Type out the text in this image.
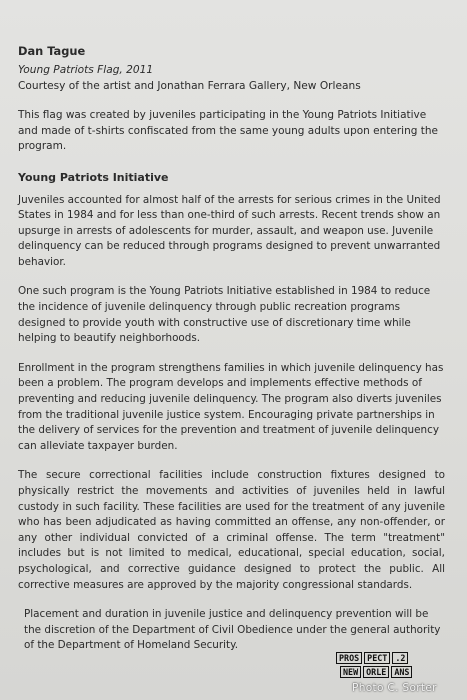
Dan Tague
Young Patriots Flag, 2011
Courtesy of the artist and Jonathan Ferrara Gallery, New Orleans
This flag was created by juveniles participating in the Young Patriots Initiative and made of t-shirts confiscated from the same young adults upon entering the program.
Young Patriots Initiative
Juveniles accounted for almost half of the arrests for serious crimes in the United States in 1984 and for less than one-third of such arrests. Recent trends show an upsurge in arrests of adolescents for murder, assault, and weapon use. Juvenile delinquency can be reduced through programs designed to prevent unwarranted behavior.
One such program is the Young Patriots Initiative established in 1984 to reduce the incidence of juvenile delinquency through public recreation programs designed to provide youth with constructive use of discretionary time while helping to beautify neighborhoods.
Enrollment in the program strengthens families in which juvenile delinquency has been a problem. The program develops and implements effective methods of preventing and reducing juvenile delinquency. The program also diverts juveniles from the traditional juvenile justice system. Encouraging private partnerships in the delivery of services for the prevention and treatment of juvenile delinquency can alleviate taxpayer burden.
The secure correctional facilities include construction fixtures designed to physically restrict the movements and activities of juveniles held in lawful custody in such facility. These facilities are used for the treatment of any juvenile who has been adjudicated as having committed an offense, any non-offender, or any other individual convicted of a criminal offense. The term "treatment" includes but is not limited to medical, educational, special education, social, psychological, and corrective guidance designed to protect the public. All corrective measures are approved by the majority congressional standards.
Placement and duration in juvenile justice and delinquency prevention will be the discretion of the Department of Civil Obedience under the general authority of the Department of Homeland Security.
PROS PECT .2
NEW ORLE ANS
Photo C. Sorter
